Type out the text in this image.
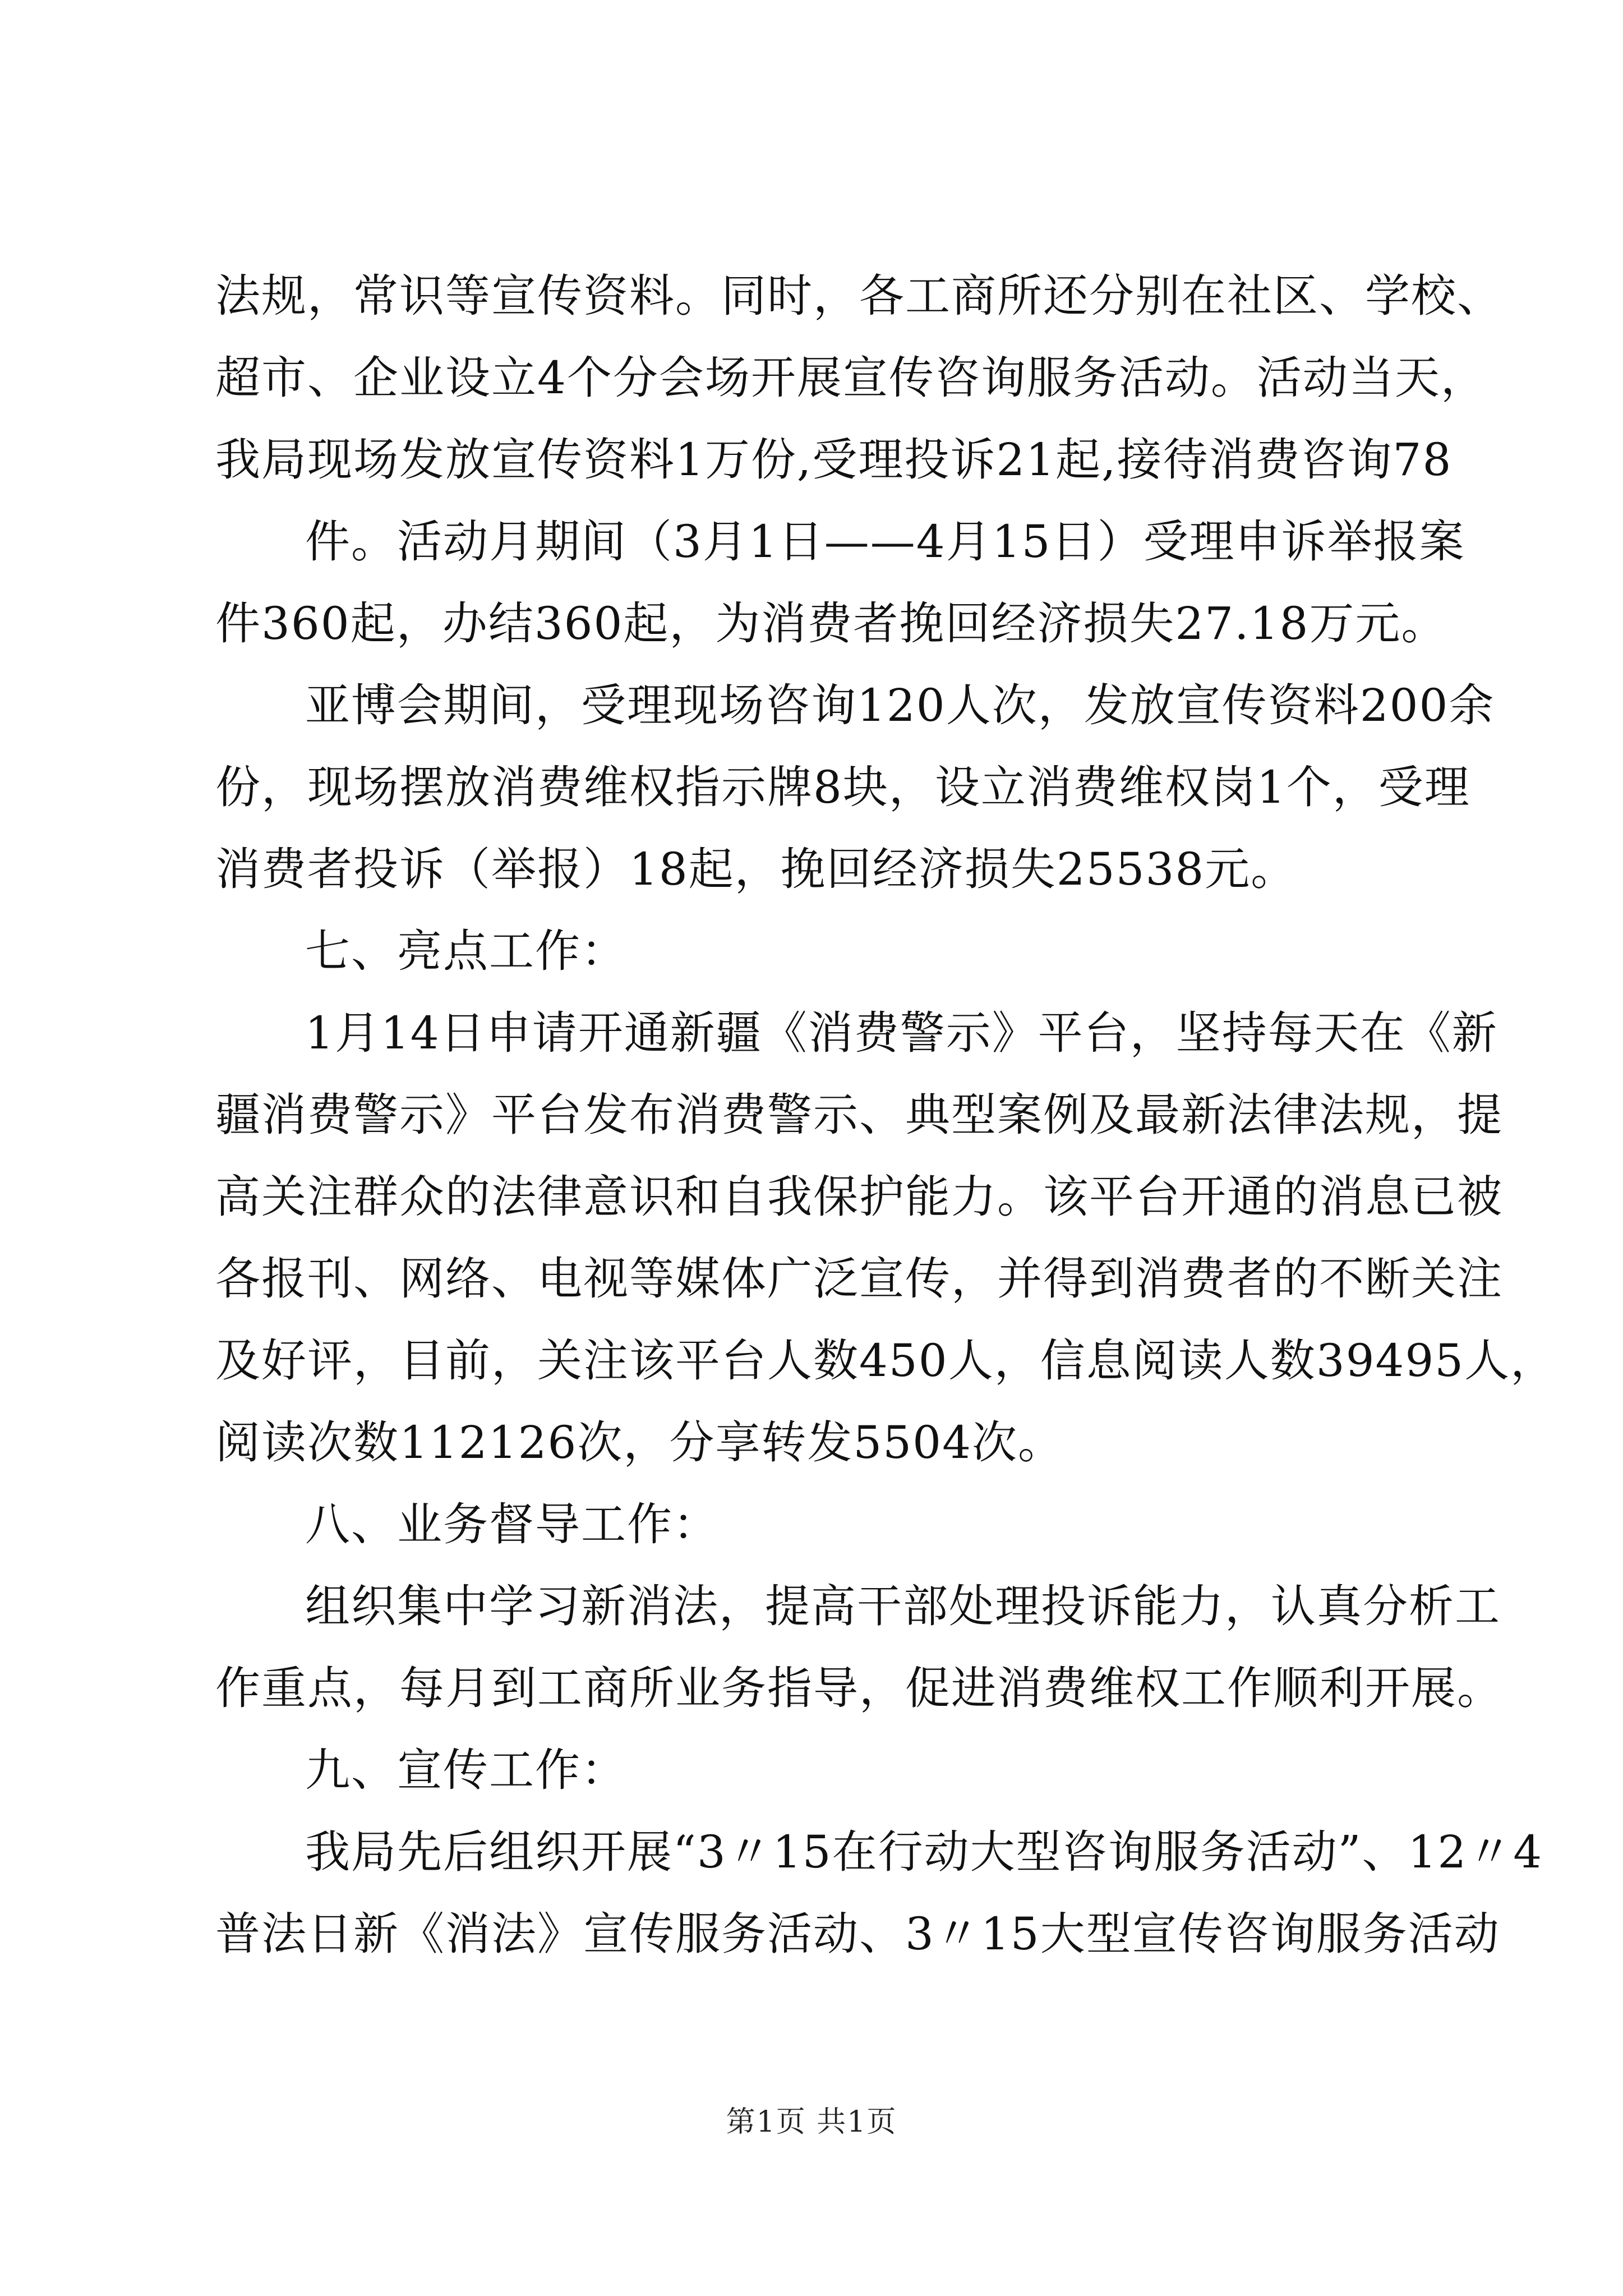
法规，常识等宣传资料。同时，各工商所还分别在社区、学校、
超市、企业设立4个分会场开展宣传咨询服务活动。活动当天，
我局现场发放宣传资料1万份,受理投诉21起,接待消费咨询78
件。活动月期间（3月1日——4月15日）受理申诉举报案
件360起，办结360起，为消费者挽回经济损失27.18万元。
亚博会期间，受理现场咨询120人次，发放宣传资料200余
份，现场摆放消费维权指示牌8块，设立消费维权岗1个，受理
消费者投诉（举报）18起，挽回经济损失25538元。
七、亮点工作：
1月14日申请开通新疆《消费警示》平台，坚持每天在《新
疆消费警示》平台发布消费警示、典型案例及最新法律法规，提
高关注群众的法律意识和自我保护能力。该平台开通的消息已被
各报刊、网络、电视等媒体广泛宣传，并得到消费者的不断关注
及好评，目前，关注该平台人数450人，信息阅读人数39495人，
阅读次数112126次，分享转发5504次。
八、业务督导工作：
组织集中学习新消法，提高干部处理投诉能力，认真分析工
作重点，每月到工商所业务指导，促进消费维权工作顺利开展。
九、宣传工作：
我局先后组织开展“3〃15在行动大型咨询服务活动”、12〃4
普法日新《消法》宣传服务活动、3〃15大型宣传咨询服务活动
第1页 共1页
